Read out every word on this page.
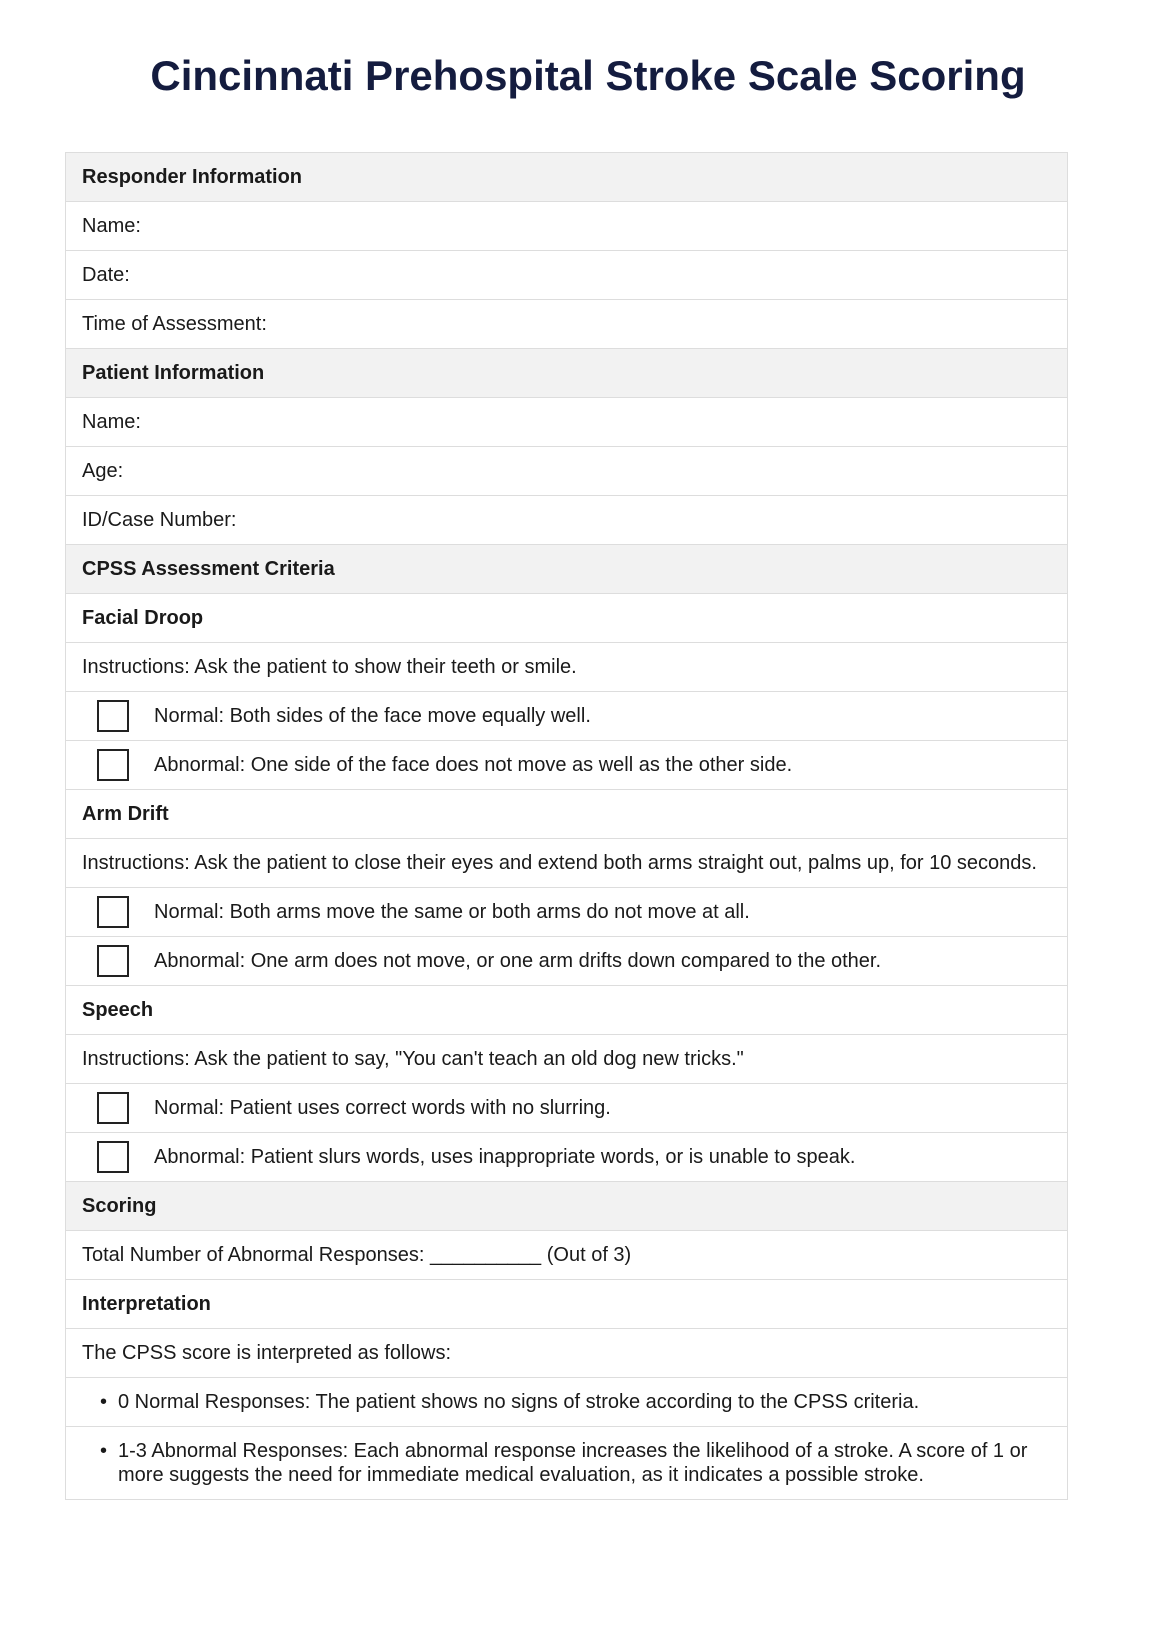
Cincinnati Prehospital Stroke Scale Scoring
Responder Information
Name:
Date:
Time of Assessment:
Patient Information
Name:
Age:
ID/Case Number:
CPSS Assessment Criteria
Facial Droop
Instructions: Ask the patient to show their teeth or smile.
Normal: Both sides of the face move equally well.
Abnormal: One side of the face does not move as well as the other side.
Arm Drift
Instructions: Ask the patient to close their eyes and extend both arms straight out, palms up, for 10 seconds.
Normal: Both arms move the same or both arms do not move at all.
Abnormal: One arm does not move, or one arm drifts down compared to the other.
Speech
Instructions: Ask the patient to say, "You can't teach an old dog new tricks."
Normal: Patient uses correct words with no slurring.
Abnormal: Patient slurs words, uses inappropriate words, or is unable to speak.
Scoring
Total Number of Abnormal Responses: __________ (Out of 3)
Interpretation
The CPSS score is interpreted as follows:
• 0 Normal Responses: The patient shows no signs of stroke according to the CPSS criteria.
• 1-3 Abnormal Responses: Each abnormal response increases the likelihood of a stroke. A score of 1 or more suggests the need for immediate medical evaluation, as it indicates a possible stroke.
